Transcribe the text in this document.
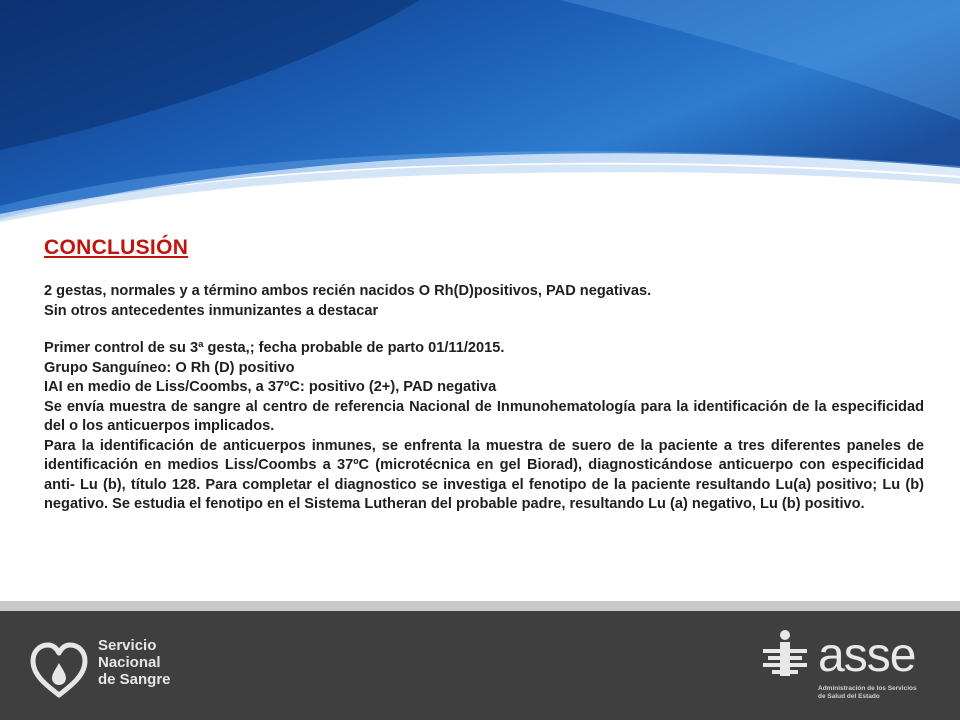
CONCLUSIÓN

2 gestas, normales y a término ambos recién nacidos O Rh(D)positivos, PAD negativas.

Sin otros antecedentes inmunizantes a destacar

Primer control de su 3ª gesta,; fecha probable de parto 01/11/2015.

Grupo Sanguíneo: O Rh (D) positivo

IAI en medio de Liss/Coombs, a 37ºC: positivo (2+), PAD negativa

Se envía muestra de sangre al centro de referencia Nacional de Inmunohematología para la identificación de la especificidad del o los anticuerpos implicados.

Para la identificación de anticuerpos inmunes, se enfrenta la muestra de suero de la paciente a tres diferentes paneles de identificación en medios Liss/Coombs a 37ºC (microtécnica en gel Biorad), diagnosticándose anticuerpo con especificidad anti- Lu (b), título 128. Para completar el diagnostico se investiga el fenotipo de la paciente resultando Lu(a) positivo; Lu (b) negativo. Se estudia el fenotipo en el Sistema Lutheran del probable padre, resultando Lu (a) negativo, Lu (b) positivo.

Servicio
Nacional
de Sangre	asse
Administración de los Servicios
de Salud del Estado
